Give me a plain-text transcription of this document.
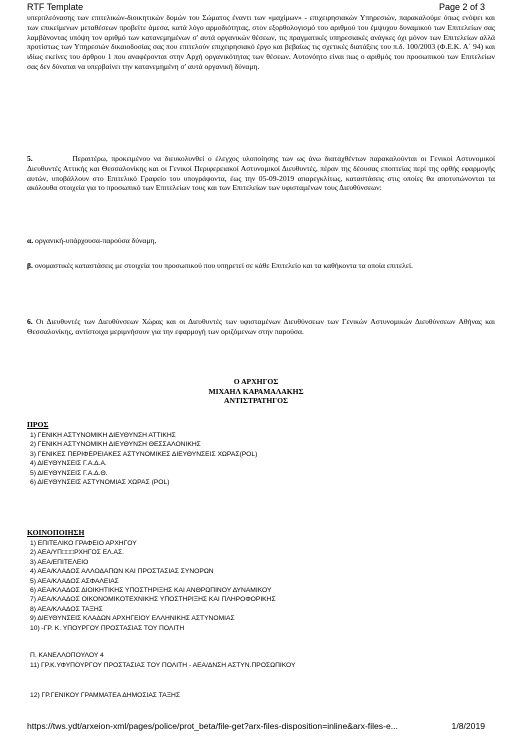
RTF Template	Page 2 of 3

υπερπλεόνασης των επιτελικών-διοικητικών δομών του Σώματος έναντι των «μαχίμων» - επιχειρησιακών Υπηρεσιών, παρακαλούμε όπως ενόψει και των επικείμενων μεταθέσεων προβείτε άμεσα, κατά λόγο αρμοδιότητας, στον εξορθολογισμό του αριθμού του έμψυχου δυναμικού των Επιτελείων σας λαμβάνοντας υπόψη τον αριθμό των κατανεμημένων σ' αυτά οργανικών θέσεων, τις πραγματικές υπηρεσιακές ανάγκες όχι μόνον των Επιτελείων αλλά προτίστως των Υπηρεσιών δικαιοδοσίας σας που επιτελούν επιχειρησιακό έργο και βεβαίως τις σχετικές διατάξεις του π.δ. 100/2003 (Φ.Ε.Κ. Α΄ 94) και ιδίως εκείνες του άρθρου 1 που αναφέρονται στην Αρχή οργανικότητας των θέσεων. Αυτονόητο είναι πως ο αριθμός του προσωπικού των Επιτελείων σας δεν δύναται να υπερβαίνει την κατανεμημένη σ' αυτά οργανική δύναμη.

5.	Περαιτέρω, προκειμένου να διευκολυνθεί ο έλεγχος υλοποίησης των ως άνω διαταχθέντων παρακαλούνται οι Γενικοί Αστυνομικοί Διευθυντές Αττικής και Θεσσαλονίκης και οι Γενικοί Περιφερειακοί Αστυνομικοί Διευθυντές, πέραν της δέουσας εποπτείας περί της ορθής εφαρμογής αυτών, υποβάλλουν στο Επιτελικό Γραφείο του υπογράφοντα, έως την 05-09-2019 απαρεγκλίτως, καταστάσεις στις οποίες θα αποτυπώνονται τα ακόλουθα στοιχεία για το προσωπικό των Επιτελείων τους και των Επιτελείων των υφισταμένων τους Διευθύνσεων:

α. οργανική-υπάρχουσα-παρούσα δύναμη,

β. ονομαστικές καταστάσεις με στοιχεία του προσωπικού που υπηρετεί σε κάθε Επιτελείο και τα καθήκοντα τα οποία επιτελεί.

6. Οι Διευθυντές των Διευθύνσεων Χώρας και οι Διευθυντές των υφισταμένων Διευθύνσεων των Γενικών Αστυνομικών Διευθύνσεων Αθήνας και Θεσσαλονίκης, αντίστοιχα μεριμνήσουν για την εφαρμογή των οριζόμενων στην παρούσα.

Ο ΑΡΧΗΓΟΣ
ΜΙΧΑΗΛ ΚΑΡΑΜΑΛΑΚΗΣ
ΑΝΤΙΣΤΡΑΤΗΓΟΣ
ΠΡΟΣ
1) ΓΕΝΙΚΗ ΑΣΤΥΝΟΜΙΚΗ ΔΙΕΥΘΥΝΣΗ ΑΤΤΙΚΗΣ
2) ΓΕΝΙΚΗ ΑΣΤΥΝΟΜΙΚΗ ΔΙΕΥΘΥΝΣΗ ΘΕΣΣΑΛΟΝΙΚΗΣ
3) ΓΕΝΙΚΕΣ ΠΕΡΙΦΕΡΕΙΑΚΕΣ ΑΣΤΥΝΟΜΙΚΕΣ ΔΙΕΥΘΥΝΣΕΙΣ ΧΩΡΑΣ(POL)
4) ΔΙΕΥΘΥΝΣΕΙΣ Γ.Α.Δ.Α.
5) ΔΙΕΥΘΥΝΣΕΙΣ Γ.Α.Δ.Θ.
6) ΔΙΕΥΘΥΝΣΕΙΣ ΑΣΤΥΝΟΜΙΑΣ ΧΩΡΑΣ (POL)
ΚΟΙΝΟΠΟΙΗΣΗ
1) ΕΠΙΤΕΛΙΚΟ ΓΡΑΦΕΙΟ ΑΡΧΗΓΟΥ
2) ΑΕΑ/ΥΠ□□□ΡΧΗΓΟΣ ΕΛ.ΑΣ.
3) ΑΕΑ/ΕΠΙΤΕΛΕΙΟ
4) ΑΕΑ/ΚΛΑΔΟΣ ΑΛΛΟΔΑΠΩΝ ΚΑΙ ΠΡΟΣΤΑΣΙΑΣ ΣΥΝΟΡΩΝ
5) ΑΕΑ/ΚΛΑΔΟΣ ΑΣΦΑΛΕΙΑΣ
6) ΑΕΑ/ΚΛΑΔΟΣ ΔΙΟΙΚΗΤΙΚΗΣ ΥΠΟΣΤΗΡΙΞΗΣ ΚΑΙ ΑΝΘΡΩΠΙΝΟΥ ΔΥΝΑΜΙΚΟΥ
7) ΑΕΑ/ΚΛΑΔΟΣ ΟΙΚΟΝΟΜΙΚΟΤΕΧΝΙΚΗΣ ΥΠΟΣΤΗΡΙΞΗΣ ΚΑΙ ΠΛΗΡΟΦΟΡΙΚΗΣ
8) ΑΕΑ/ΚΛΑΔΟΣ ΤΑΞΗΣ
9) ΔΙΕΥΘΥΝΣΕΙΣ ΚΛΑΔΩΝ ΑΡΧΗΓΕΙΟΥ ΕΛΛΗΝΙΚΗΣ ΑΣΤΥΝΟΜΙΑΣ
10) -ΓΡ. Κ. ΥΠΟΥΡΓΟΥ ΠΡΟΣΤΑΣΙΑΣ ΤΟΥ ΠΟΛΙΤΗ
Π. ΚΑΝΕΛΛΟΠΟΥΛΟΥ 4
11) ΓΡ.Κ.ΥΦΥΠΟΥΡΓΟΥ ΠΡΟΣΤΑΣΙΑΣ ΤΟΥ ΠΟΛΙΤΗ - ΑΕΑ/ΔΝΣΗ ΑΣΤΥΝ.ΠΡΟΣΩΠΙΚΟΥ
12) ΓΡ.ΓΕΝΙΚΟΥ ΓΡΑΜΜΑΤΕΑ ΔΗΜΟΣΙΑΣ ΤΑΞΗΣ
https://tws.ydt/arxeion-xml/pages/police/prot_beta/file-get?arx-files-disposition=inline&arx-files-e...	1/8/2019
